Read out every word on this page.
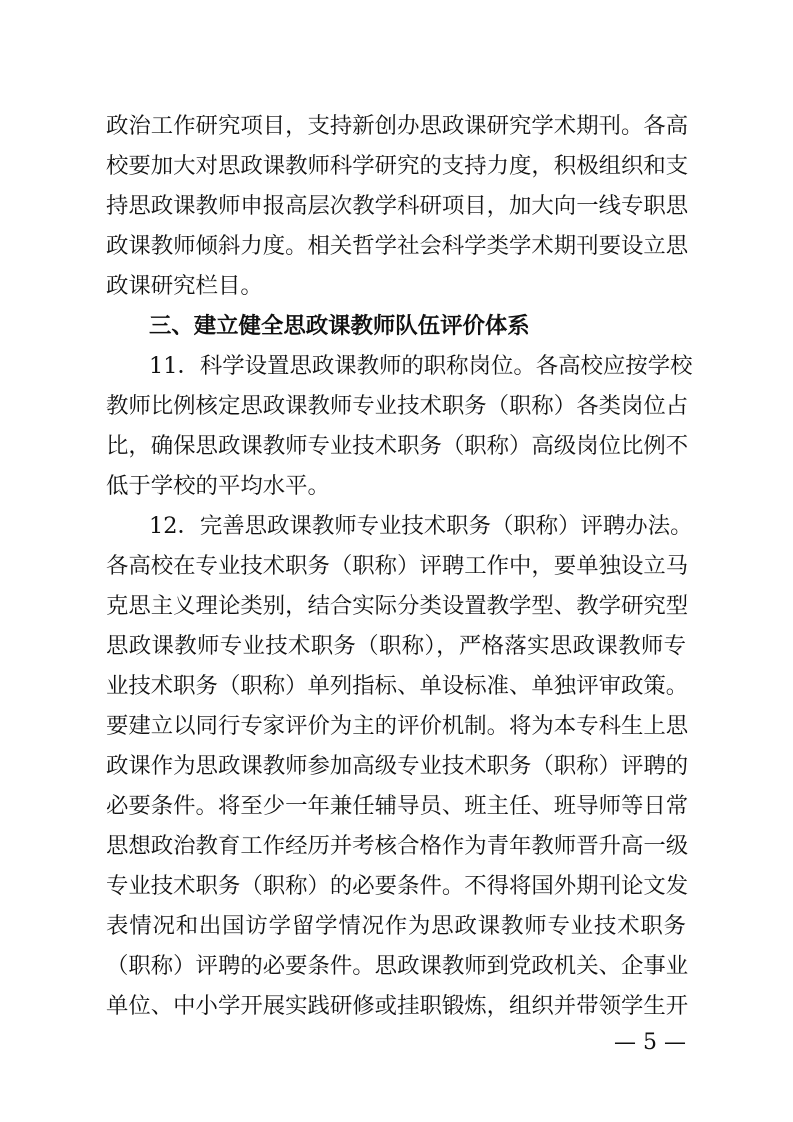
政治工作研究项目，支持新创办思政课研究学术期刊。各高
校要加大对思政课教师科学研究的支持力度，积极组织和支
持思政课教师申报高层次教学科研项目，加大向一线专职思
政课教师倾斜力度。相关哲学社会科学类学术期刊要设立思
政课研究栏目。
三、建立健全思政课教师队伍评价体系
11．科学设置思政课教师的职称岗位。各高校应按学校
教师比例核定思政课教师专业技术职务（职称）各类岗位占
比，确保思政课教师专业技术职务（职称）高级岗位比例不
低于学校的平均水平。
12．完善思政课教师专业技术职务（职称）评聘办法。
各高校在专业技术职务（职称）评聘工作中，要单独设立马
克思主义理论类别，结合实际分类设置教学型、教学研究型
思政课教师专业技术职务（职称），严格落实思政课教师专
业技术职务（职称）单列指标、单设标准、单独评审政策。
要建立以同行专家评价为主的评价机制。将为本专科生上思
政课作为思政课教师参加高级专业技术职务（职称）评聘的
必要条件。将至少一年兼任辅导员、班主任、班导师等日常
思想政治教育工作经历并考核合格作为青年教师晋升高一级
专业技术职务（职称）的必要条件。不得将国外期刊论文发
表情况和出国访学留学情况作为思政课教师专业技术职务
（职称）评聘的必要条件。思政课教师到党政机关、企事业
单位、中小学开展实践研修或挂职锻炼，组织并带领学生开
— 5 —
